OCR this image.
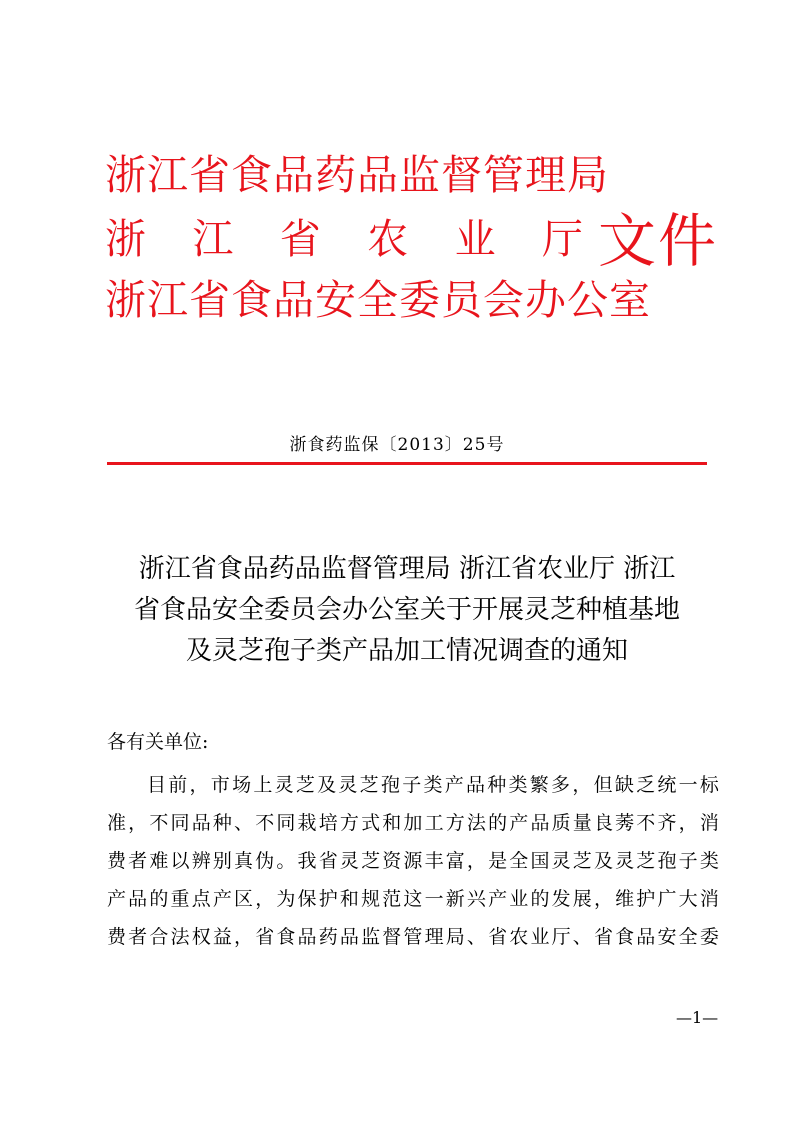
浙江省食品药品监督管理局
浙 江 省 农 业 厅
浙江省食品安全委员会办公室
文件
浙食药监保〔2013〕25号
浙江省食品药品监督管理局 浙江省农业厅 浙江
省食品安全委员会办公室关于开展灵芝种植基地
及灵芝孢子类产品加工情况调查的通知
各有关单位:
目 前 ， 市 场 上 灵 芝 及 灵 芝 孢 子 类 产 品 种 类 繁 多 ， 但 缺 乏 统 一 标
准 ， 不 同 品 种 、 不 同 栽 培 方 式 和 加 工 方 法 的 产 品 质 量 良 莠 不 齐 ， 消
费 者 难 以 辨 别 真 伪 。 我 省 灵 芝 资 源 丰 富 ， 是 全 国 灵 芝 及 灵 芝 孢 子 类
产 品 的 重 点 产 区 ， 为 保 护 和 规 范 这 一 新 兴 产 业 的 发 展 ， 维 护 广 大 消
费 者 合 法 权 益 ， 省 食 品 药 品 监 督 管 理 局 、 省 农 业 厅 、 省 食 品 安 全 委
—1—
